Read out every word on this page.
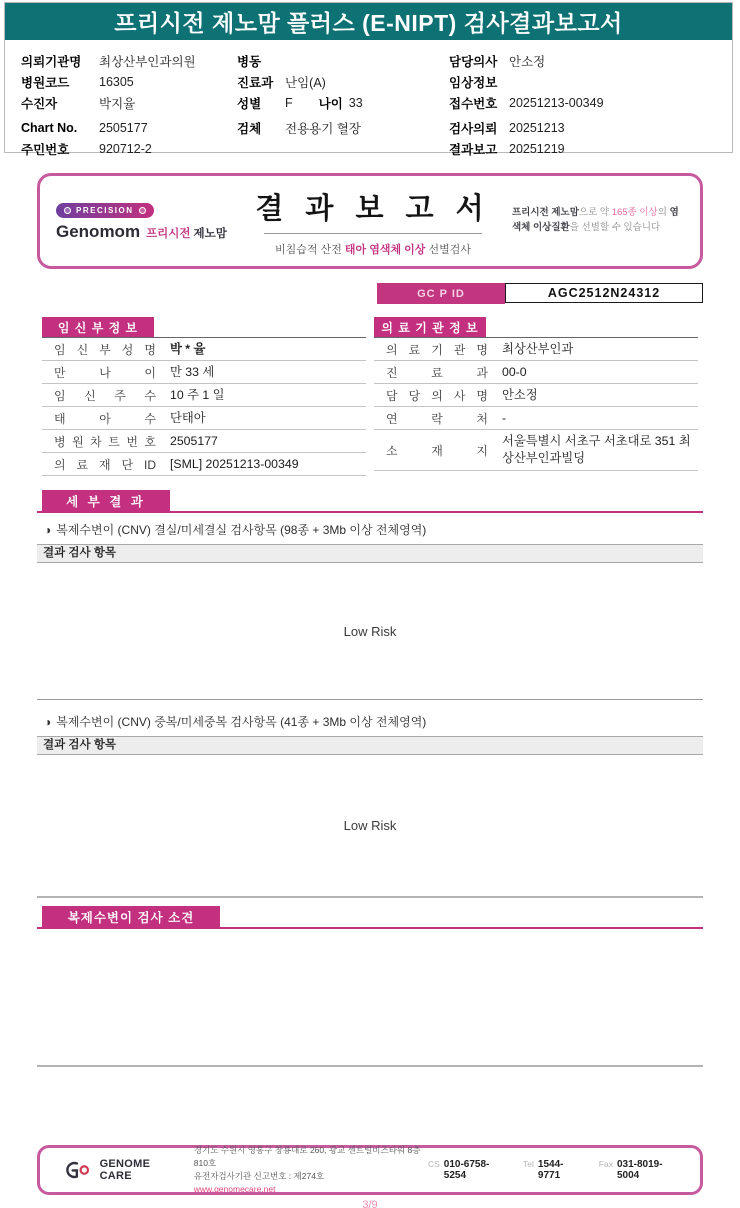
프리시전 제노맘 플러스 (E-NIPT) 검사결과보고서
의뢰기관명	최상산부인과의원
병원코드	16305
수진자	박지율
Chart No.	2505177
주민번호	920712-2
병동
진료과 난임(A)
성별	F 나이 33
검체	전용용기 혈장
담당의사 안소정
임상정보
접수번호 20251213-00349
검사의뢰 20251213
결과보고 20251219
PRECISION
Genomom 프리시전 제노맘
결 과 보 고 서
비침습적 산전 태아 염색체 이상 선별검사
프리시전 제노맘으로 약 165종 이상의 염색체 이상질환을 선별할 수 있습니다
GC P ID	AGC2512N24312
임 신 부 정 보
임 신 부 성 명	박 * 율
만 나 이	만 33 세
임 신 주 수	10 주 1 일
태 아 수	단태아
병 원 차 트 번 호	2505177
의 료 재 단 ID	[SML] 20251213-00349
의 료 기 관 정 보
의 료 기 관 명	최상산부인과
진 료 과	00-0
담 당 의 사 명	안소정
연 락 처	-
소 재 지
서울특별시 서초구 서초대로 351 최상산부인과빌딩
세 부 결 과
◑ 복제수변이 (CNV) 결실/미세결실 검사항목 (98종 + 3Mb 이상 전체영역)
결과 검사 항목
Low Risk
◑ 복제수변이 (CNV) 중복/미세중복 검사항목 (41종 + 3Mb 이상 전체영역)
결과 검사 항목
Low Risk
복제수변이 검사 소견
GENOME CARE
경기도 수원시 영통구 창룡대로 260, 광교 센트럴비즈타워 8층 810호
유전자검사기관 신고번호 : 제274호
www.genomecare.net
CS 010-6758-5254
Tel 1544-9771
Fax 031-8019-5004
3/9
